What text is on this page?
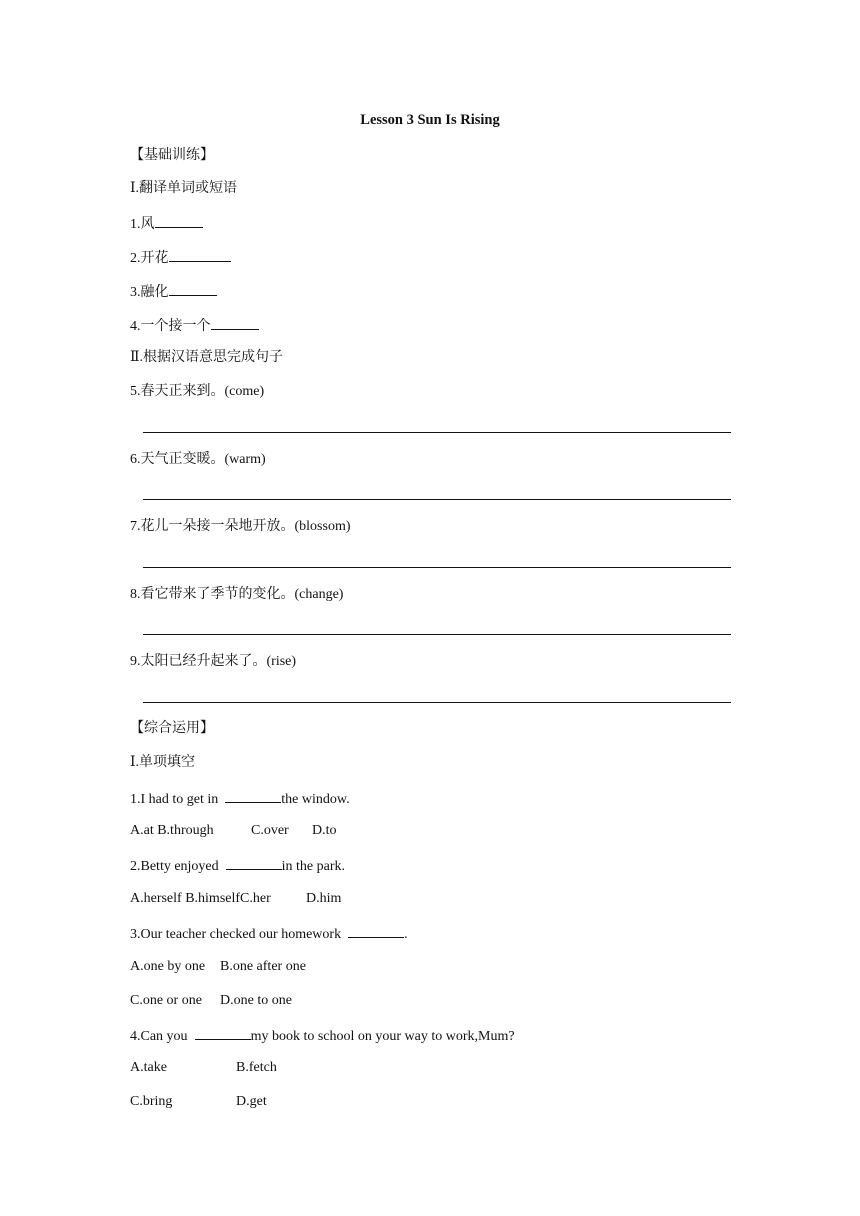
Lesson 3 Sun Is Rising
【基础训练】
Ⅰ.翻译单词或短语
1.风
2.开花
3.融化
4.一个接一个
Ⅱ.根据汉语意思完成句子
5.春天正来到。(come)
6.天气正变暖。(warm)
7.花儿一朵接一朵地开放。(blossom)
8.看它带来了季节的变化。(change)
9.太阳已经升起来了。(rise)
【综合运用】
Ⅰ.单项填空
1.I had to get in	the window.
A.at B.through	C.over D.to
2.Betty enjoyed	in the park.
A.herself B.himselfC.her	D.him
3.Our teacher checked our homework	.
A.one by one B.one after one
C.one or one D.one to one
4.Can you	my book to school on your way to work,Mum?
A.take	B.fetch
C.bring	D.get
